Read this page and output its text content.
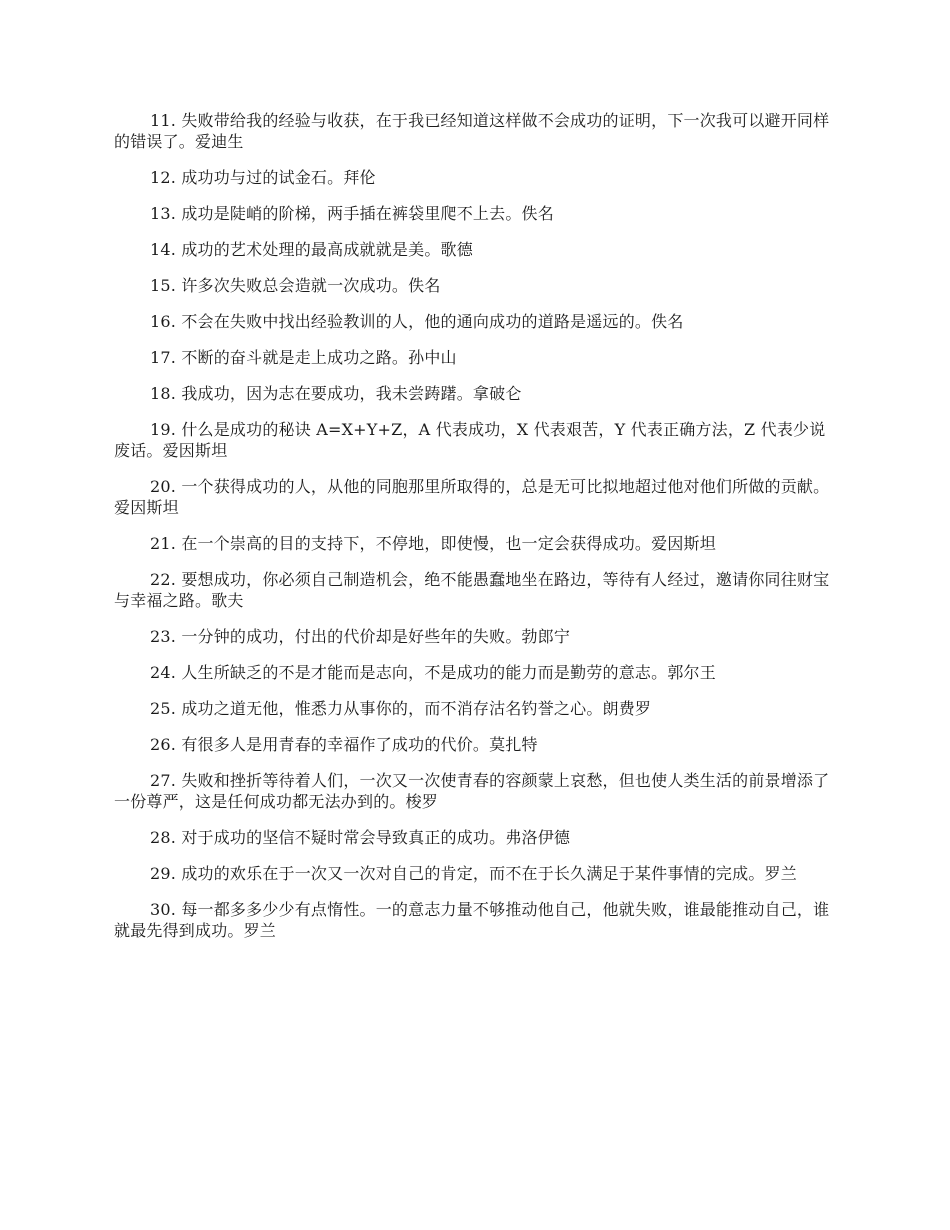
11. 失败带给我的经验与收获，在于我已经知道这样做不会成功的证明，下一次我可以避开同样的错误了。爱迪生

12. 成功功与过的试金石。拜伦

13. 成功是陡峭的阶梯，两手插在裤袋里爬不上去。佚名

14. 成功的艺术处理的最高成就就是美。歌德

15. 许多次失败总会造就一次成功。佚名

16. 不会在失败中找出经验教训的人，他的通向成功的道路是遥远的。佚名

17. 不断的奋斗就是走上成功之路。孙中山

18. 我成功，因为志在要成功，我未尝踌躇。拿破仑

19. 什么是成功的秘诀 A=X+Y+Z，A 代表成功，X 代表艰苦，Y 代表正确方法，Z 代表少说废话。爱因斯坦

20. 一个获得成功的人，从他的同胞那里所取得的，总是无可比拟地超过他对他们所做的贡献。爱因斯坦

21. 在一个崇高的目的支持下，不停地，即使慢，也一定会获得成功。爱因斯坦

22. 要想成功，你必须自己制造机会，绝不能愚蠢地坐在路边，等待有人经过，邀请你同往财宝与幸福之路。歌夫

23. 一分钟的成功，付出的代价却是好些年的失败。勃郎宁

24. 人生所缺乏的不是才能而是志向，不是成功的能力而是勤劳的意志。郭尔王

25. 成功之道无他，惟悉力从事你的，而不消存沽名钓誉之心。朗费罗

26. 有很多人是用青春的幸福作了成功的代价。莫扎特

27. 失败和挫折等待着人们，一次又一次使青春的容颜蒙上哀愁，但也使人类生活的前景增添了一份尊严，这是任何成功都无法办到的。梭罗

28. 对于成功的坚信不疑时常会导致真正的成功。弗洛伊德

29. 成功的欢乐在于一次又一次对自己的肯定，而不在于长久满足于某件事情的完成。罗兰

30. 每一都多多少少有点惰性。一的意志力量不够推动他自己，他就失败，谁最能推动自己，谁就最先得到成功。罗兰
